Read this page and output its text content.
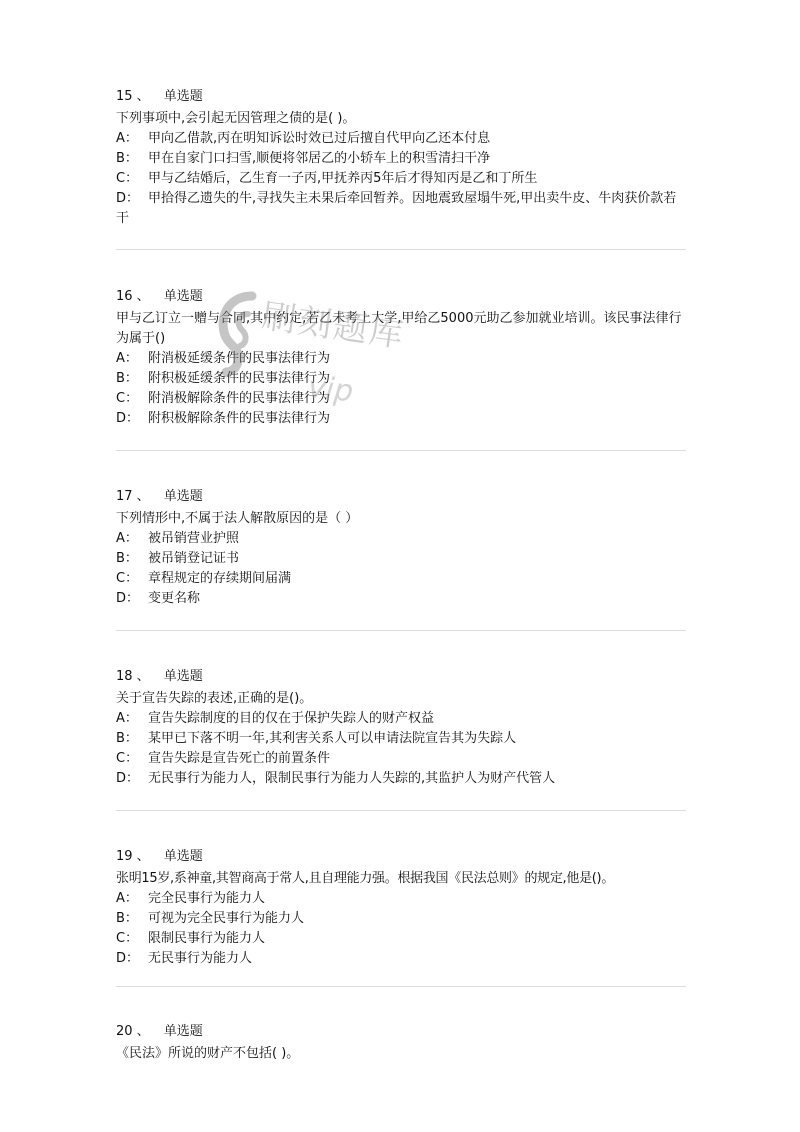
15 、 单选题
下列事项中,会引起无因管理之债的是( )。
A： 甲向乙借款,丙在明知诉讼时效已过后擅自代甲向乙还本付息
B： 甲在自家门口扫雪,顺便将邻居乙的小轿车上的积雪清扫干净
C： 甲与乙结婚后，乙生育一子丙,甲抚养丙5年后才得知丙是乙和丁所生
D： 甲拾得乙遗失的牛,寻找失主未果后牵回暂养。因地震致屋塌牛死,甲出卖牛皮、牛肉获价款若干
16 、 单选题
甲与乙订立一赠与合同,其中约定,若乙未考上大学,甲给乙5000元助乙参加就业培训。该民事法律行为属于()
A： 附消极延缓条件的民事法律行为
B： 附积极延缓条件的民事法律行为
C： 附消极解除条件的民事法律行为
D： 附积极解除条件的民事法律行为
17 、 单选题
下列情形中,不属于法人解散原因的是（ ）
A： 被吊销营业护照
B： 被吊销登记证书
C： 章程规定的存续期间届满
D： 变更名称
18 、 单选题
关于宣告失踪的表述,正确的是()。
A： 宣告失踪制度的目的仅在于保护失踪人的财产权益
B： 某甲已下落不明一年,其利害关系人可以申请法院宣告其为失踪人
C： 宣告失踪是宣告死亡的前置条件
D： 无民事行为能力人，限制民事行为能力人失踪的,其监护人为财产代管人
19 、 单选题
张明15岁,系神童,其智商高于常人,且自理能力强。根据我国《民法总则》的规定,他是()。
A： 完全民事行为能力人
B： 可视为完全民事行为能力人
C： 限制民事行为能力人
D： 无民事行为能力人
20 、 单选题
《民法》所说的财产不包括( )。
刷刻题库
vip
